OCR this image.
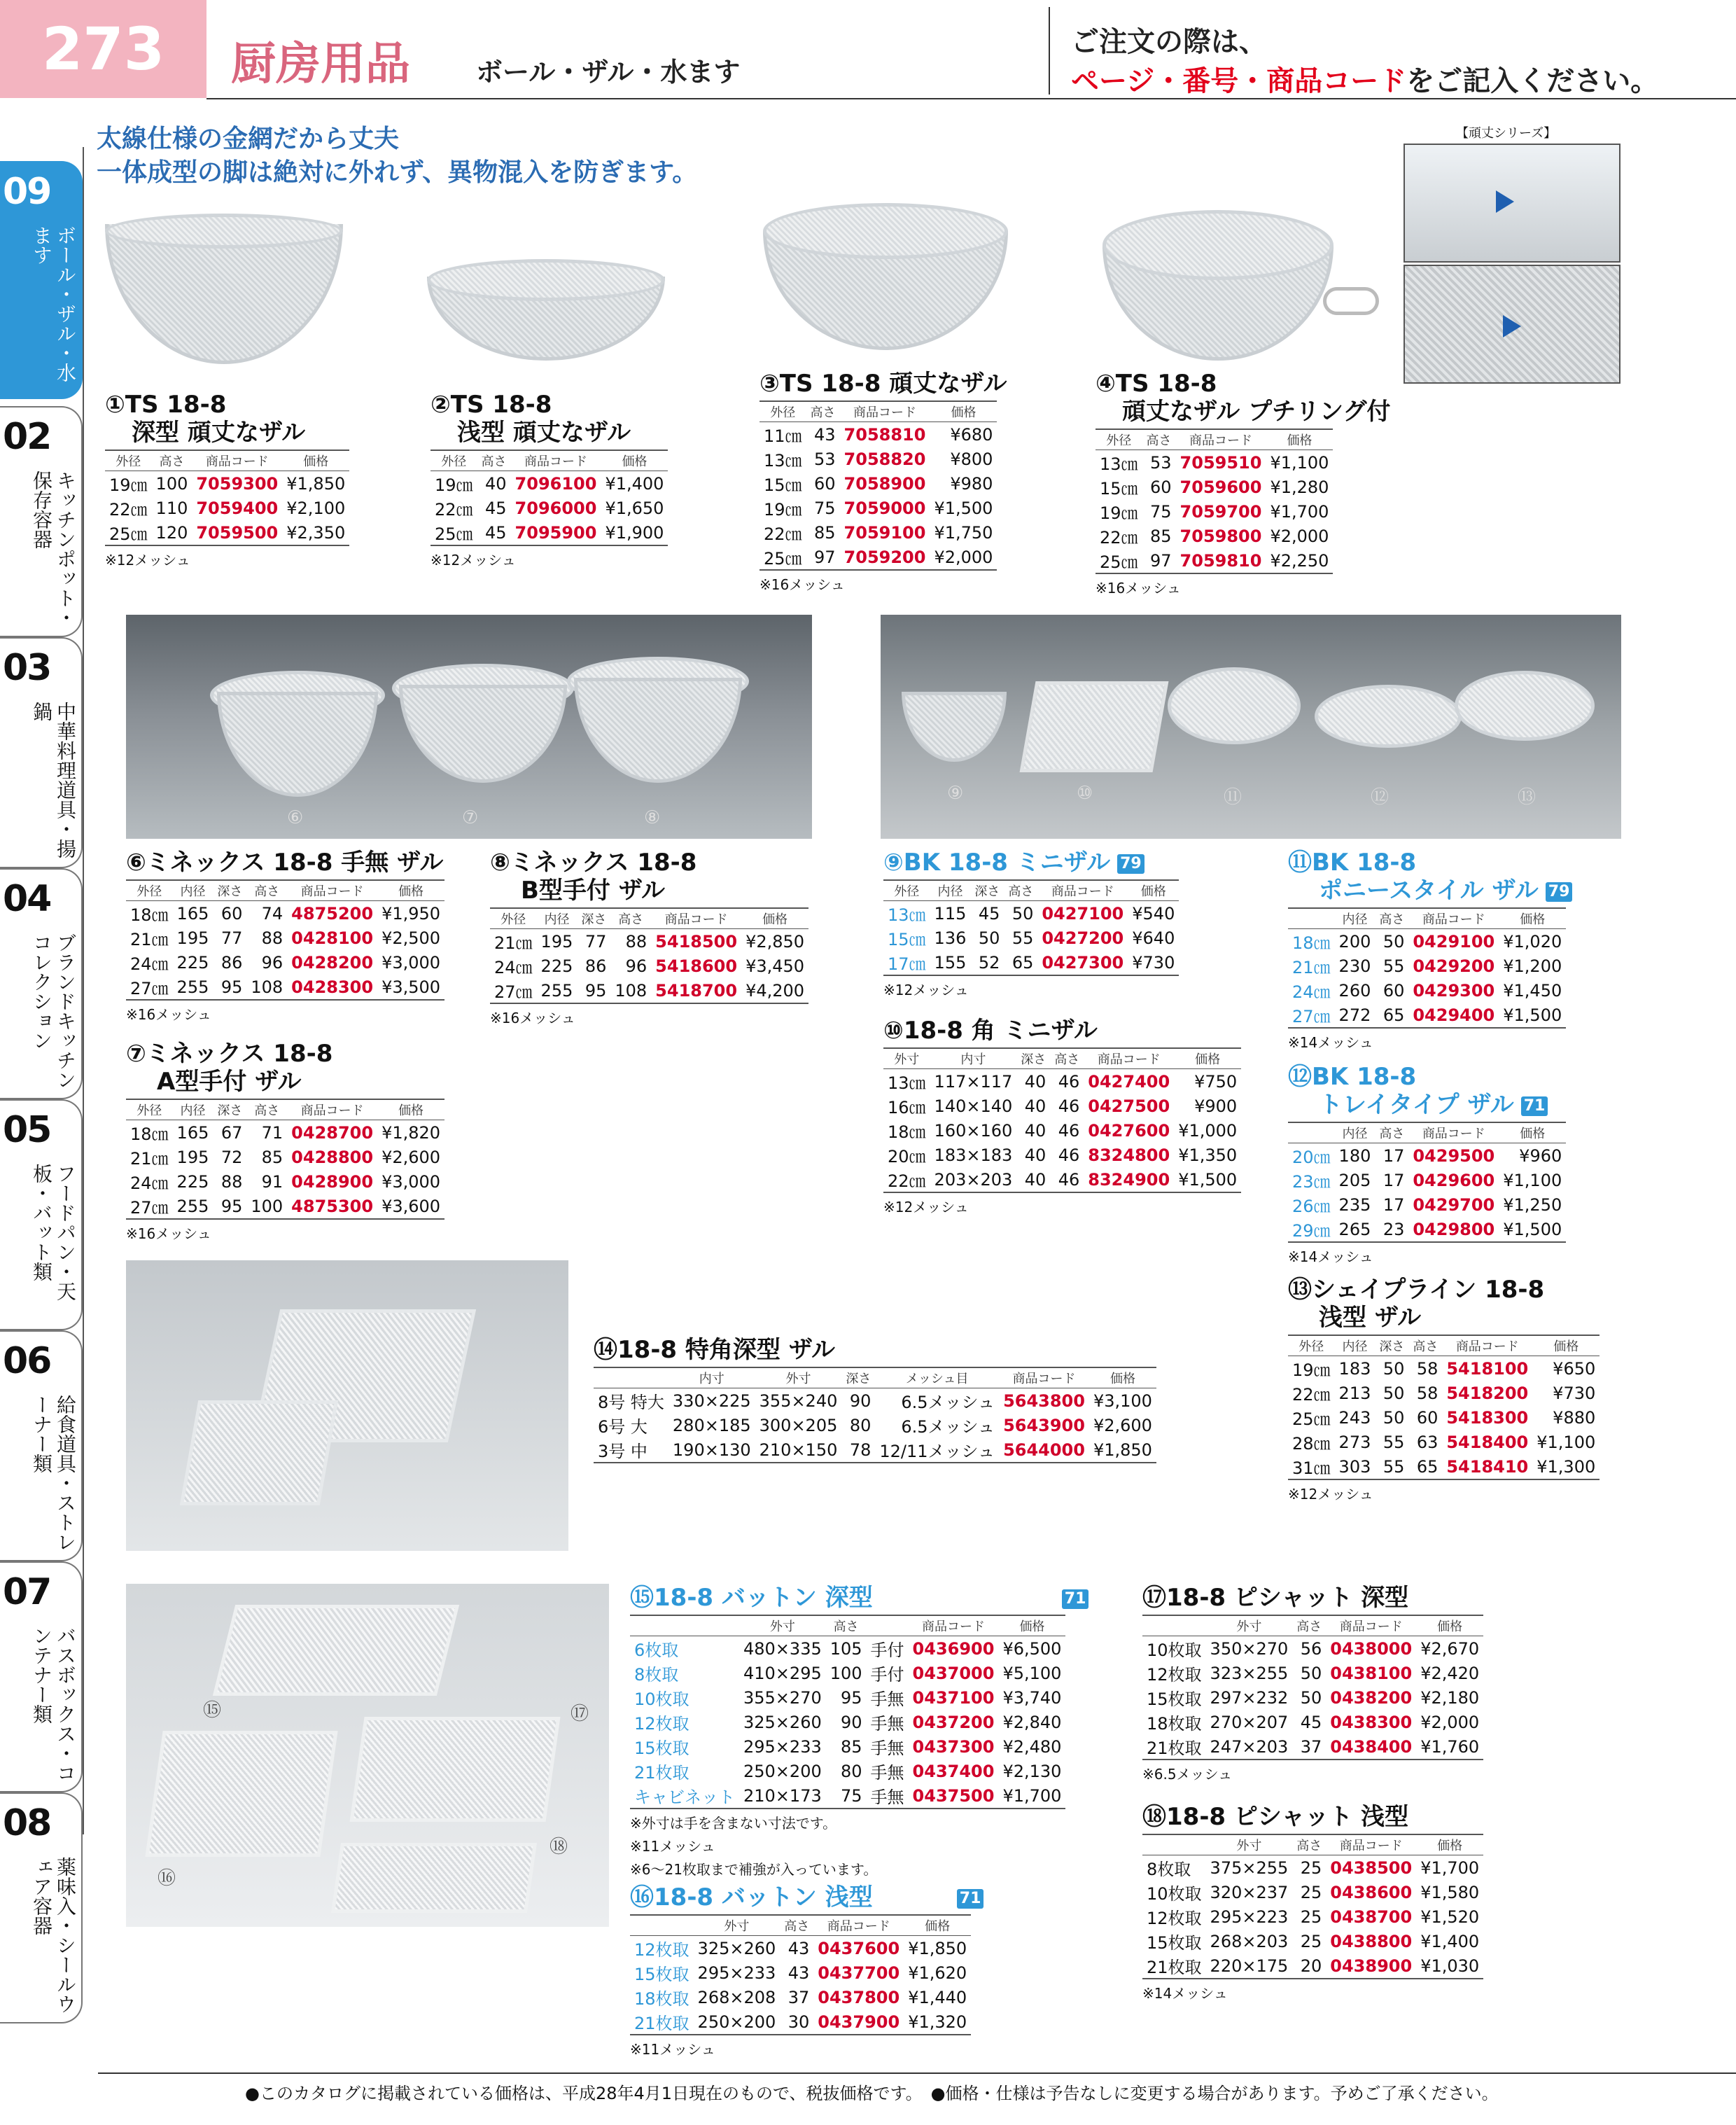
273	厨房用品 ボール・ザル・水ます
ご注文の際は、
ページ・番号・商品コードをご記入ください。
09
ボール・ザル・水ます
02
キッチンポット・保存容器
03
中華料理道具・揚鍋
04
ブランドキッチンコレクション
05
フードパン・天板・バット類
06
給食道具・ストレーナー類
07
バスボックス・コンテナー類
08
薬味入・シールウェア容器
太線仕様の金網だから丈夫
一体成型の脚は絶対に外れず、異物混入を防ぎます。
【頑丈シリーズ】
①TS 18-8
深型 頑丈なザル
外径	高さ	商品コード	価格
19㎝	100	7059300	¥1,850
22㎝	110	7059400	¥2,100
25㎝	120	7059500	¥2,350
※12メッシュ
②TS 18-8
浅型 頑丈なザル
外径	高さ	商品コード	価格
19㎝	40	7096100	¥1,400
22㎝	45	7096000	¥1,650
25㎝	45	7095900	¥1,900
※12メッシュ
③TS 18-8 頑丈なザル
外径	高さ	商品コード	価格
11㎝	43	7058810	¥680
13㎝	53	7058820	¥800
15㎝	60	7058900	¥980
19㎝	75	7059000	¥1,500
22㎝	85	7059100	¥1,750
25㎝	97	7059200	¥2,000
※16メッシュ
④TS 18-8
頑丈なザル プチリング付
外径	高さ	商品コード	価格
13㎝	53	7059510	¥1,100
15㎝	60	7059600	¥1,280
19㎝	75	7059700	¥1,700
22㎝	85	7059800	¥2,000
25㎝	97	7059810	¥2,250
※16メッシュ
⑥	⑦	⑧
⑨	⑩	⑪	⑫	⑬
⑥ミネックス 18-8 手無 ザル
外径	内径	深さ	高さ	商品コード	価格
18㎝	165	60	74	4875200	¥1,950
21㎝	195	77	88	0428100	¥2,500
24㎝	225	86	96	0428200	¥3,000
27㎝	255	95	108	0428300	¥3,500
※16メッシュ
⑦ミネックス 18-8
A型手付 ザル
外径	内径	深さ	高さ	商品コード	価格
18㎝	165	67	71	0428700	¥1,820
21㎝	195	72	85	0428800	¥2,600
24㎝	225	88	91	0428900	¥3,000
27㎝	255	95	100	4875300	¥3,600
※16メッシュ
⑧ミネックス 18-8
B型手付 ザル
外径	内径	深さ	高さ	商品コード	価格
21㎝	195	77	88	5418500	¥2,850
24㎝	225	86	96	5418600	¥3,450
27㎝	255	95	108	5418700	¥4,200
※16メッシュ
⑨BK 18-8 ミニザル 79
外径	内径	深さ	高さ	商品コード	価格
13㎝	115	45	50	0427100	¥540
15㎝	136	50	55	0427200	¥640
17㎝	155	52	65	0427300	¥730
※12メッシュ
⑩18-8 角 ミニザル
外寸	内寸	深さ	高さ	商品コード	価格
13㎝	117×117	40	46	0427400	¥750
16㎝	140×140	40	46	0427500	¥900
18㎝	160×160	40	46	0427600	¥1,000
20㎝	183×183	40	46	8324800	¥1,350
22㎝	203×203	40	46	8324900	¥1,500
※12メッシュ
⑪BK 18-8
ポニースタイル ザル 79
	内径	高さ	商品コード	価格
18㎝	200	50	0429100	¥1,020
21㎝	230	55	0429200	¥1,200
24㎝	260	60	0429300	¥1,450
27㎝	272	65	0429400	¥1,500
※14メッシュ
⑫BK 18-8
トレイタイプ ザル 71
	内径	高さ	商品コード	価格
20㎝	180	17	0429500	¥960
23㎝	205	17	0429600	¥1,100
26㎝	235	17	0429700	¥1,250
29㎝	265	23	0429800	¥1,500
※14メッシュ
⑬シェイプライン 18-8
浅型 ザル
外径	内径	深さ	高さ	商品コード	価格
19㎝	183	50	58	5418100	¥650
22㎝	213	50	58	5418200	¥730
25㎝	243	50	60	5418300	¥880
28㎝	273	55	63	5418400	¥1,100
31㎝	303	55	65	5418410	¥1,300
※12メッシュ
⑭18-8 特角深型 ザル
	内寸	外寸	深さ	メッシュ目	商品コード	価格
8号 特大	330×225	355×240	90	6.5メッシュ	5643800	¥3,100
6号 大	280×185	300×205	80	6.5メッシュ	5643900	¥2,600
3号 中	190×130	210×150	78	12/11メッシュ	5644000	¥1,850
⑮	⑰
⑯
⑱
⑮18-8 バットン 深型	71
	外寸	高さ		商品コード	価格
6枚取	480×335	105	手付	0436900	¥6,500
8枚取	410×295	100	手付	0437000	¥5,100
10枚取	355×270	95	手無	0437100	¥3,740
12枚取	325×260	90	手無	0437200	¥2,840
15枚取	295×233	85	手無	0437300	¥2,480
21枚取	250×200	80	手無	0437400	¥2,130
キャビネット	210×173	75	手無	0437500	¥1,700
※外寸は手を含まない寸法です。
※11メッシュ
※6～21枚取まで補強が入っています。
⑯18-8 バットン 浅型	71
	外寸	高さ	商品コード	価格
12枚取	325×260	43	0437600	¥1,850
15枚取	295×233	43	0437700	¥1,620
18枚取	268×208	37	0437800	¥1,440
21枚取	250×200	30	0437900	¥1,320
※11メッシュ
⑰18-8 ピシャット 深型
	外寸	高さ	商品コード	価格
10枚取	350×270	56	0438000	¥2,670
12枚取	323×255	50	0438100	¥2,420
15枚取	297×232	50	0438200	¥2,180
18枚取	270×207	45	0438300	¥2,000
21枚取	247×203	37	0438400	¥1,760
※6.5メッシュ
⑱18-8 ピシャット 浅型
	外寸	高さ	商品コード	価格
8枚取	375×255	25	0438500	¥1,700
10枚取	320×237	25	0438600	¥1,580
12枚取	295×223	25	0438700	¥1,520
15枚取	268×203	25	0438800	¥1,400
21枚取	220×175	20	0438900	¥1,030
※14メッシュ
●このカタログに掲載されている価格は、平成28年4月1日現在のもので、税抜価格です。　●価格・仕様は予告なしに変更する場合があります。予めご了承ください。
